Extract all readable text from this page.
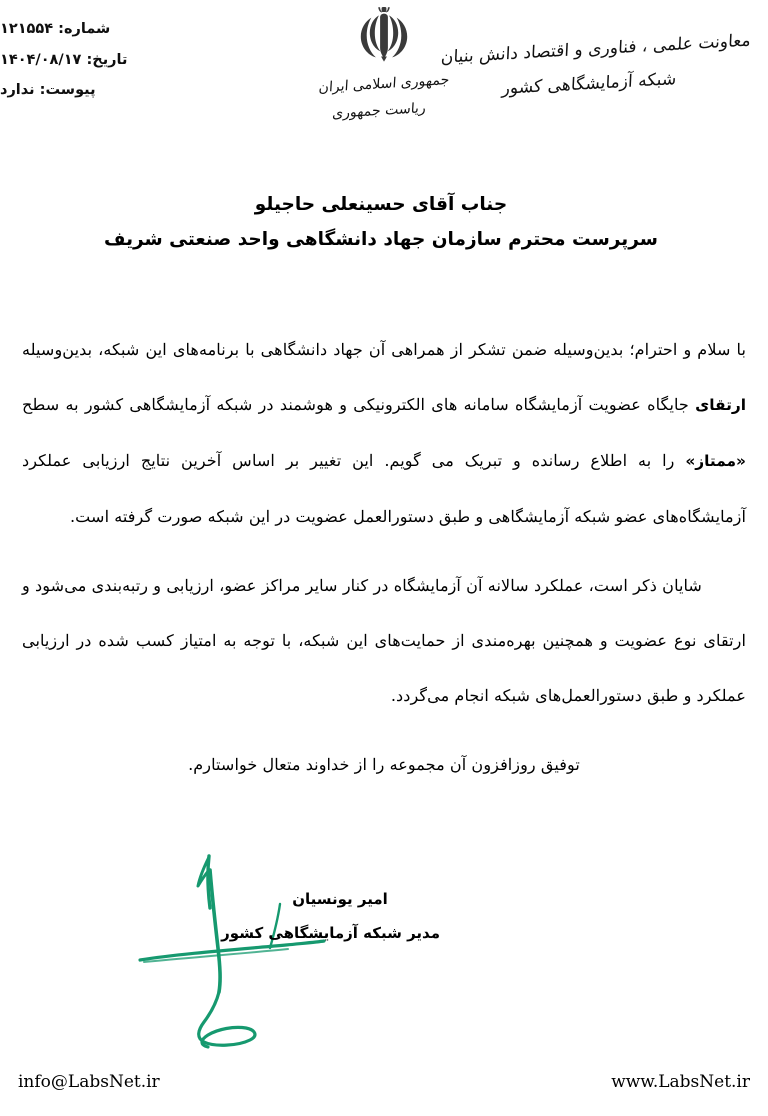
معاونت علمی ، فناوری و اقتصاد دانش بنیان
شبکه آزمایشگاهی کشور
جمهوری اسلامی ایران
ریاست جمهوری
شماره: ۱۲۱۵۵۴
تاریخ: ۱۴۰۴/۰۸/۱۷
پیوست: ندارد
جناب آقای حسینعلی حاجیلو
سرپرست محترم سازمان جهاد دانشگاهی واحد صنعتی شریف

با سلام و احترام؛ بدین‌وسیله ضمن تشکر از همراهی آن جهاد دانشگاهی با برنامه‌های این شبکه، بدین‌وسیله ارتقای جایگاه عضویت آزمایشگاه سامانه های الکترونیکی و هوشمند در شبکه آزمایشگاهی کشور به سطح «ممتاز» را به اطلاع رسانده و تبریک می گویم. این تغییر بر اساس آخرین نتایج ارزیابی عملکرد آزمایشگاه‌های عضو شبکه آزمایشگاهی و طبق دستورالعمل عضویت در این شبکه صورت گرفته است.

شایان ذکر است، عملکرد سالانه آن آزمایشگاه در کنار سایر مراکز عضو، ارزیابی و رتبه‌بندی می‌شود و ارتقای نوع عضویت و همچنین بهره‌مندی از حمایت‌های این شبکه، با توجه به امتیاز کسب شده در ارزیابی عملکرد و طبق دستورالعمل‌های شبکه انجام می‌گردد.

توفیق روزافزون آن مجموعه را از خداوند متعال خواستارم.

امیر یونسیان
مدیر شبکه آزمایشگاهی کشور
info@LabsNet.ir	www.LabsNet.ir
